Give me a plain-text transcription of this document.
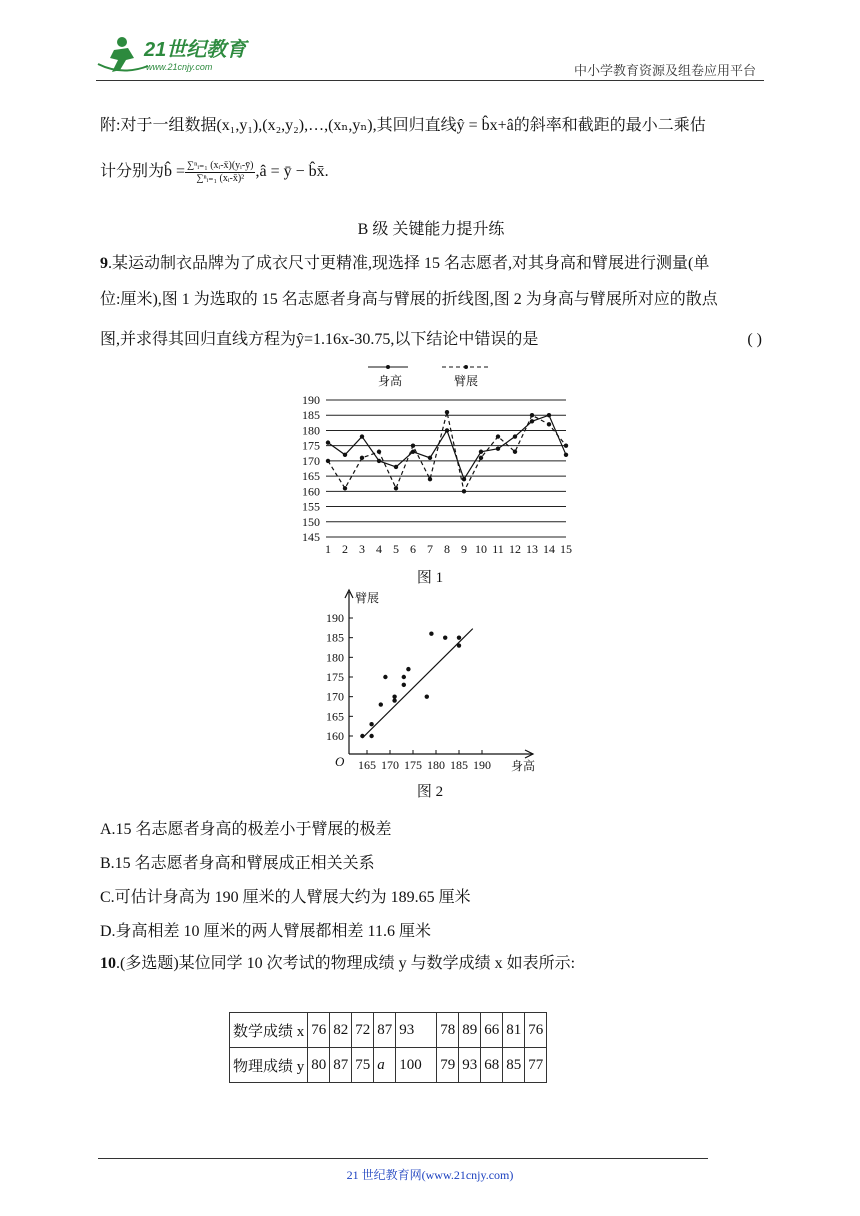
21世纪教育
www.21cnjy.com	中小学教育资源及组卷应用平台
附:对于一组数据(x₁,y₁),(x₂,y₂),…,(xₙ,yₙ),其回归直线ŷ = b̂x+â的斜率和截距的最小二乘估
计分别为b̂ = $\frac{\text{∑ⁿᵢ₌₁ (xᵢ-x̄)(yᵢ-ȳ)}}{\text{∑ⁿᵢ₌₁ (xᵢ-x̄)²}}$ ,â = ȳ − b̂x̄.
B 级 关键能力提升练
9.某运动制衣品牌为了成衣尺寸更精准,现选择 15 名志愿者,对其身高和臂展进行测量(单
位:厘米),图 1 为选取的 15 名志愿者身高与臂展的折线图,图 2 为身高与臂展所对应的散点
图,并求得其回归直线方程为ŷ=1.16x-30.75,以下结论中错误的是	( )
身高	臂展
145
150
155
160
165
170
175
180
185
190
1 2 3 4 5 6 7 8 9 10 11 12 13 14 15
图 1
165 170 175 180 185 190
160
165
170
175
180
185
190
臂展
身高
O
图 2
A.15 名志愿者身高的极差小于臂展的极差
B.15 名志愿者身高和臂展成正相关关系
C.可估计身高为 190 厘米的人臂展大约为 189.65 厘米
D.身高相差 10 厘米的两人臂展都相差 11.6 厘米
10.(多选题)某位同学 10 次考试的物理成绩 y 与数学成绩 x 如表所示:
数学成绩 x	76	82	72	87	93	78	89	66	81	76
物理成绩 y	80	87	75	a	100	79	93	68	85	77
21 世纪教育网(www.21cnjy.com)
